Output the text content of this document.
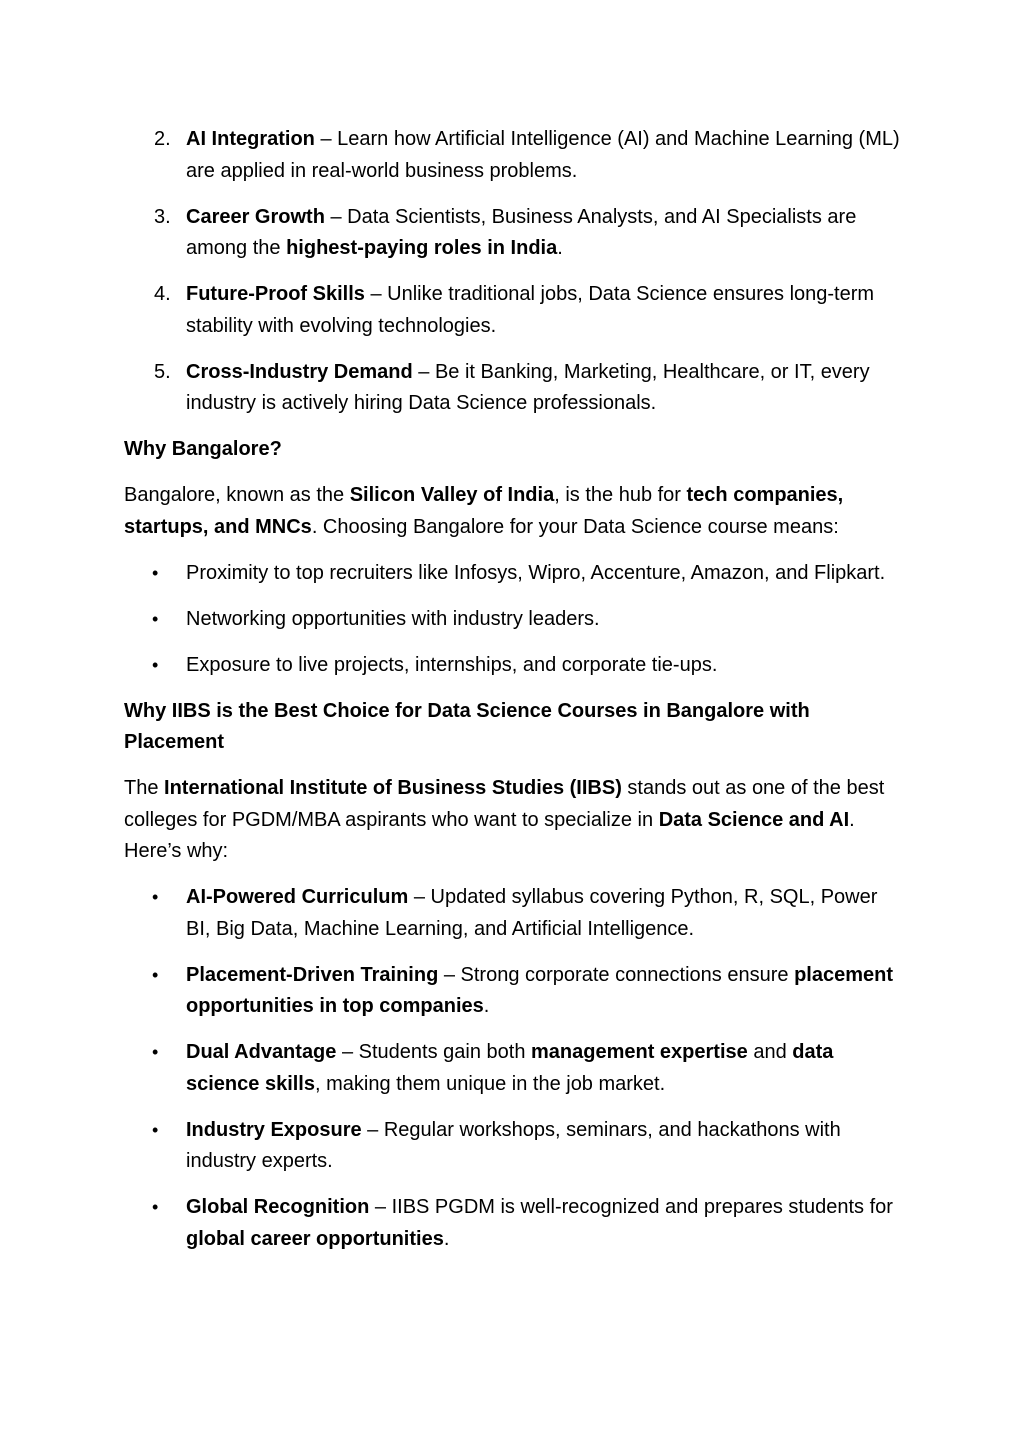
2. AI Integration – Learn how Artificial Intelligence (AI) and Machine Learning (ML) are applied in real-world business problems.
3. Career Growth – Data Scientists, Business Analysts, and AI Specialists are among the highest-paying roles in India.
4. Future-Proof Skills – Unlike traditional jobs, Data Science ensures long-term stability with evolving technologies.
5. Cross-Industry Demand – Be it Banking, Marketing, Healthcare, or IT, every industry is actively hiring Data Science professionals.
Why Bangalore?

Bangalore, known as the Silicon Valley of India, is the hub for tech companies, startups, and MNCs. Choosing Bangalore for your Data Science course means:

• Proximity to top recruiters like Infosys, Wipro, Accenture, Amazon, and Flipkart.
• Networking opportunities with industry leaders.
• Exposure to live projects, internships, and corporate tie-ups.
Why IIBS is the Best Choice for Data Science Courses in Bangalore with Placement

The International Institute of Business Studies (IIBS) stands out as one of the best colleges for PGDM/MBA aspirants who want to specialize in Data Science and AI. Here’s why:

• AI-Powered Curriculum – Updated syllabus covering Python, R, SQL, Power BI, Big Data, Machine Learning, and Artificial Intelligence.
• Placement-Driven Training – Strong corporate connections ensure placement opportunities in top companies.
• Dual Advantage – Students gain both management expertise and data science skills, making them unique in the job market.
• Industry Exposure – Regular workshops, seminars, and hackathons with industry experts.
• Global Recognition – IIBS PGDM is well-recognized and prepares students for global career opportunities.
